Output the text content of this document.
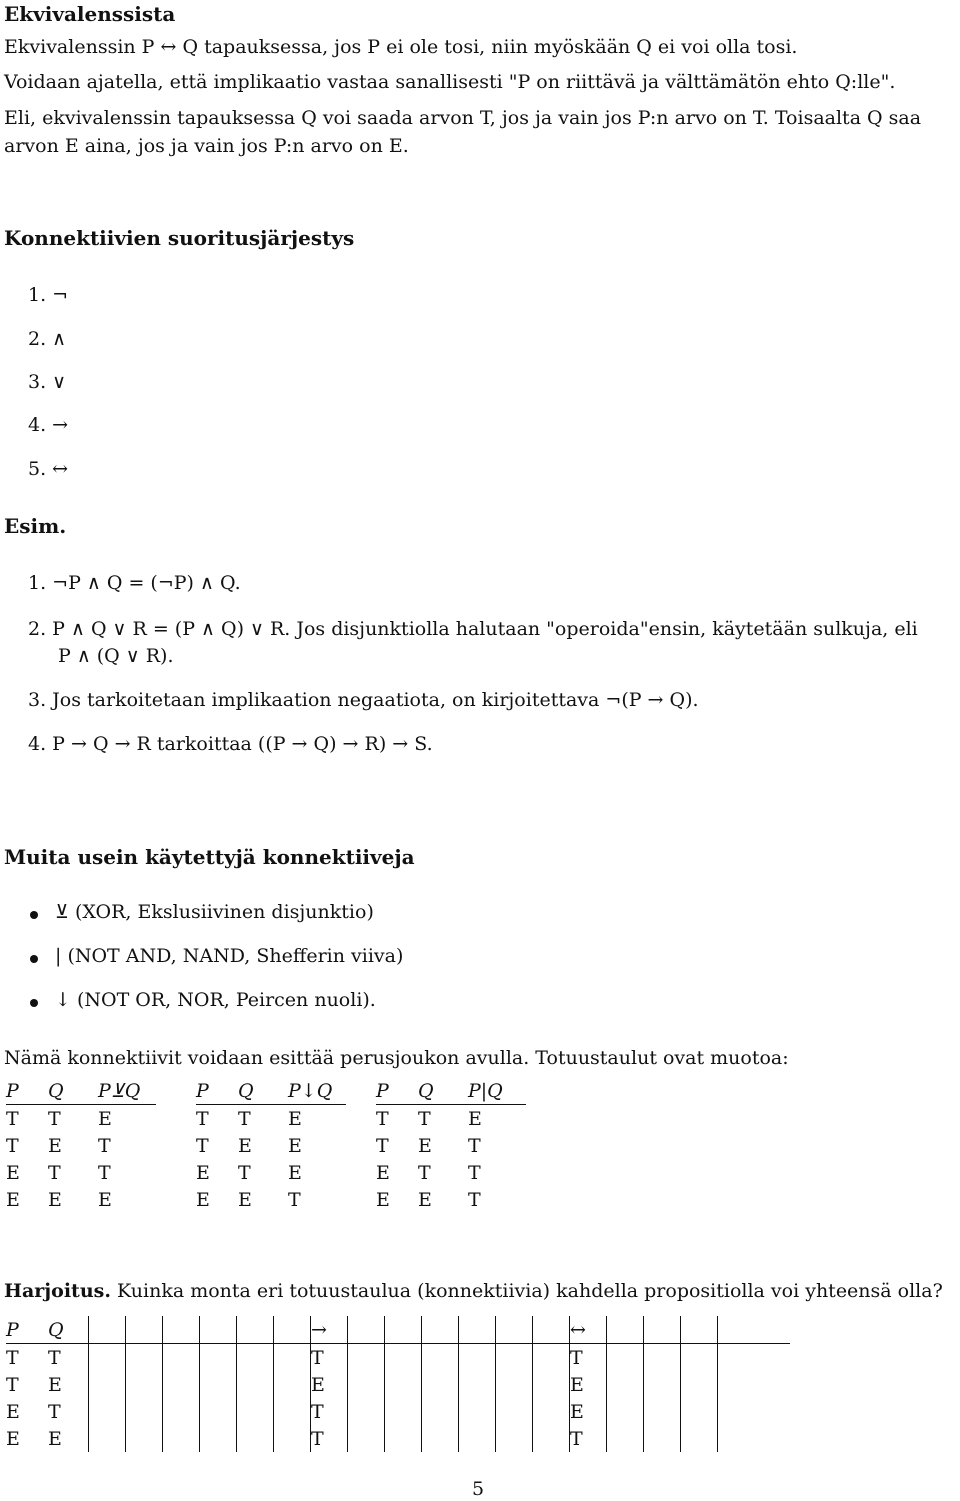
Ekvivalenssista
Ekvivalenssin P ↔ Q tapauksessa, jos P ei ole tosi, niin myöskään Q ei voi olla tosi.
Voidaan ajatella, että implikaatio vastaa sanallisesti "P on riittävä ja välttämätön ehto Q:lle".
Eli, ekvivalenssin tapauksessa Q voi saada arvon T, jos ja vain jos P:n arvo on T. Toisaalta Q saa
arvon E aina, jos ja vain jos P:n arvo on E.
Konnektiivien suoritusjärjestys
1. ¬
2. ∧
3. ∨
4. →
5. ↔
Esim.
1. ¬P ∧ Q = (¬P) ∧ Q.
2. P ∧ Q ∨ R = (P ∧ Q) ∨ R. Jos disjunktiolla halutaan "operoida"ensin, käytetään sulkuja, eli
P ∧ (Q ∨ R).
3. Jos tarkoitetaan implikaation negaatiota, on kirjoitettava ¬(P → Q).
4. P → Q → R tarkoittaa ((P → Q) → R) → S.
Muita usein käytettyjä konnektiiveja
⊻ (XOR, Ekslusiivinen disjunktio)
| (NOT AND, NAND, Shefferin viiva)
↓ (NOT OR, NOR, Peircen nuoli).
Nämä konnektiivit voidaan esittää perusjoukon avulla. Totuustaulut ovat muotoa:
P	Q	P⊻Q
T	T	E
T	E	T
E	T	T
E	E	E
P	Q	P↓Q
T	T	E
T	E	E
E	T	E
E	E	T
P	Q	P|Q
T	T	E
T	E	T
E	T	T
E	E	T
Harjoitus. Kuinka monta eri totuustaulua (konnektiivia) kahdella propositiolla voi yhteensä olla?
P	Q							→							↔					
T	T							T							T					
T	E							E							E					
E	T							T							E					
E	E							T							T					
5
